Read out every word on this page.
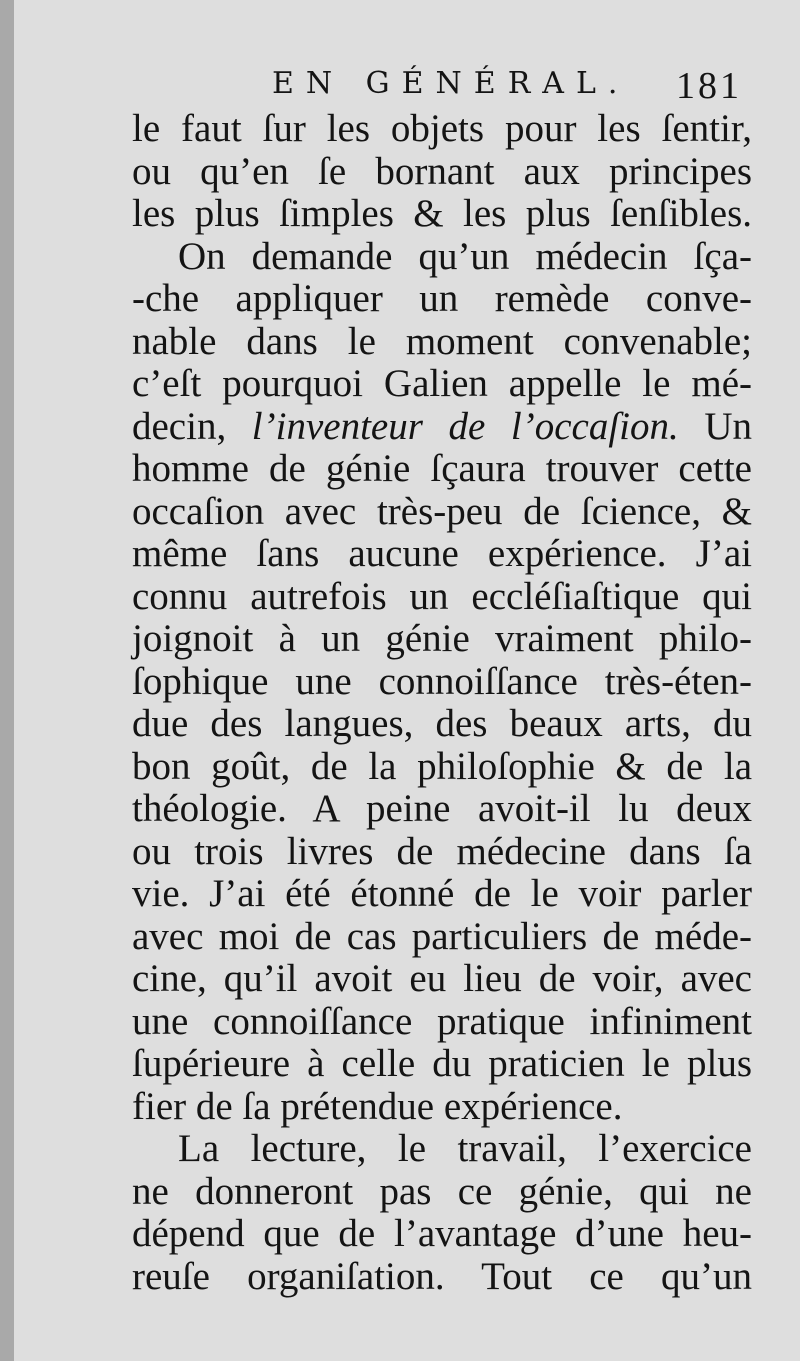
EN GÉNÉRAL. 181
le faut ſur les objets pour les ſentir,
ou qu’en ſe bornant aux principes
les plus ſimples & les plus ſenſibles.
On demande qu’un médecin ſça-
-che appliquer un remède conve-
nable dans le moment convenable;
c’eſt pourquoi Galien appelle le mé-
decin, l’inventeur de l’occaſion. Un
homme de génie ſçaura trouver cette
occaſion avec très-peu de ſcience, &
même ſans aucune expérience. J’ai
connu autrefois un eccléſiaſtique qui
joignoit à un génie vraiment philo-
ſophique une connoiſſance très-éten-
due des langues, des beaux arts, du
bon goût, de la philoſophie & de la
théologie. A peine avoit-il lu deux
ou trois livres de médecine dans ſa
vie. J’ai été étonné de le voir parler
avec moi de cas particuliers de méde-
cine, qu’il avoit eu lieu de voir, avec
une connoiſſance pratique infiniment
ſupérieure à celle du praticien le plus
fier de ſa prétendue expérience.
La lecture, le travail, l’exercice
ne donneront pas ce génie, qui ne
dépend que de l’avantage d’une heu-
reuſe organiſation. Tout ce qu’un
